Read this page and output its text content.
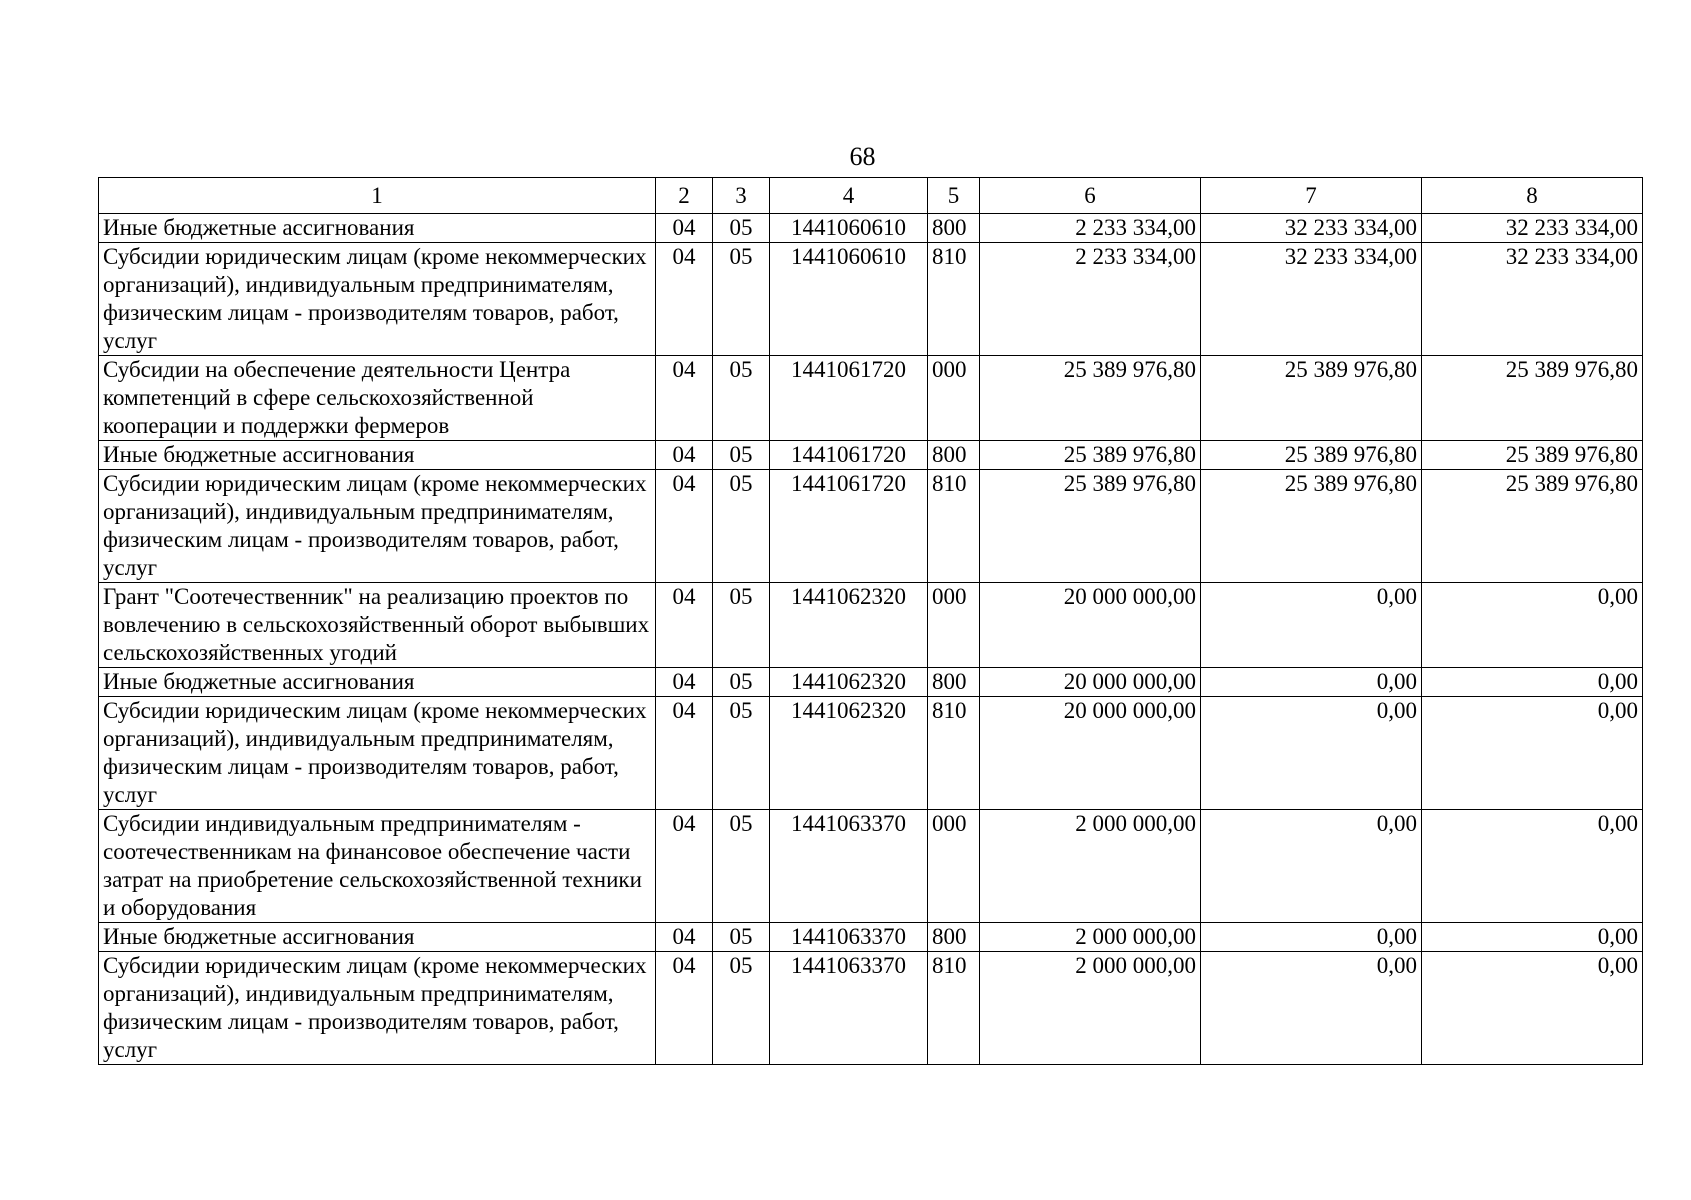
68
1	2	3	4	5	6	7	8
Иные бюджетные ассигнования	04	05	1441060610	800	2 233 334,00	32 233 334,00	32 233 334,00
Субсидии юридическим лицам (кроме некоммерческих организаций), индивидуальным предпринимателям, физическим лицам - производителям товаров, работ, услуг	04	05	1441060610	810	2 233 334,00	32 233 334,00	32 233 334,00
Субсидии на обеспечение деятельности Центра компетенций в сфере сельскохозяйственной кооперации и поддержки фермеров	04	05	1441061720	000	25 389 976,80	25 389 976,80	25 389 976,80
Иные бюджетные ассигнования	04	05	1441061720	800	25 389 976,80	25 389 976,80	25 389 976,80
Субсидии юридическим лицам (кроме некоммерческих организаций), индивидуальным предпринимателям, физическим лицам - производителям товаров, работ, услуг	04	05	1441061720	810	25 389 976,80	25 389 976,80	25 389 976,80
Грант "Соотечественник" на реализацию проектов по вовлечению в сельскохозяйственный оборот выбывших сельскохозяйственных угодий	04	05	1441062320	000	20 000 000,00	0,00	0,00
Иные бюджетные ассигнования	04	05	1441062320	800	20 000 000,00	0,00	0,00
Субсидии юридическим лицам (кроме некоммерческих организаций), индивидуальным предпринимателям, физическим лицам - производителям товаров, работ, услуг	04	05	1441062320	810	20 000 000,00	0,00	0,00
Субсидии индивидуальным предпринимателям - соотечественникам на финансовое обеспечение части затрат на приобретение сельскохозяйственной техники и оборудования	04	05	1441063370	000	2 000 000,00	0,00	0,00
Иные бюджетные ассигнования	04	05	1441063370	800	2 000 000,00	0,00	0,00
Субсидии юридическим лицам (кроме некоммерческих организаций), индивидуальным предпринимателям, физическим лицам - производителям товаров, работ, услуг	04	05	1441063370	810	2 000 000,00	0,00	0,00
